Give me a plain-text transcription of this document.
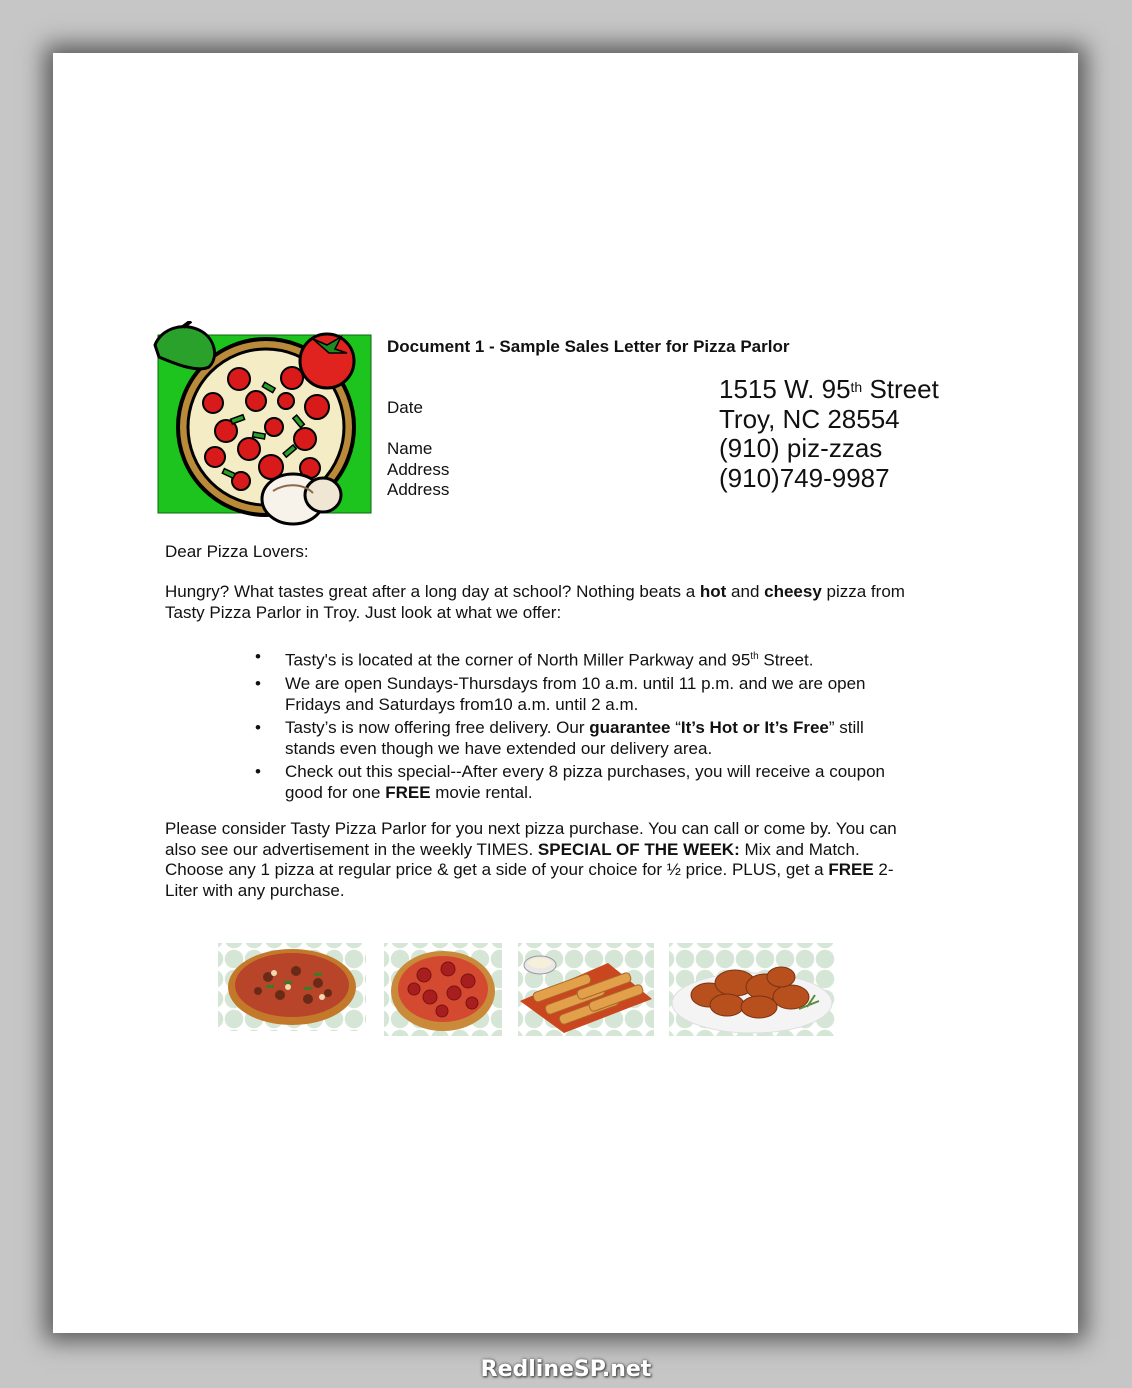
Document 1 - Sample Sales Letter for Pizza Parlor
Date
Name
Address
Address
1515 W. 95th Street
Troy, NC 28554
(910) piz-zzas
(910)749-9987
Dear Pizza Lovers:
Hungry? What tastes great after a long day at school? Nothing beats a hot and cheesy pizza from Tasty Pizza Parlor in Troy. Just look at what we offer:
• Tasty's is located at the corner of North Miller Parkway and 95th Street.
• We are open Sundays-Thursdays from 10 a.m. until 11 p.m. and we are open Fridays and Saturdays from10 a.m. until 2 a.m.
• Tasty’s is now offering free delivery. Our guarantee “It’s Hot or It’s Free” still stands even though we have extended our delivery area.
• Check out this special--After every 8 pizza purchases, you will receive a coupon good for one FREE movie rental.
Please consider Tasty Pizza Parlor for you next pizza purchase. You can call or come by. You can also see our advertisement in the weekly TIMES. SPECIAL OF THE WEEK: Mix and Match. Choose any 1 pizza at regular price & get a side of your choice for ½ price. PLUS, get a FREE 2-Liter with any purchase.
RedlineSP.net
